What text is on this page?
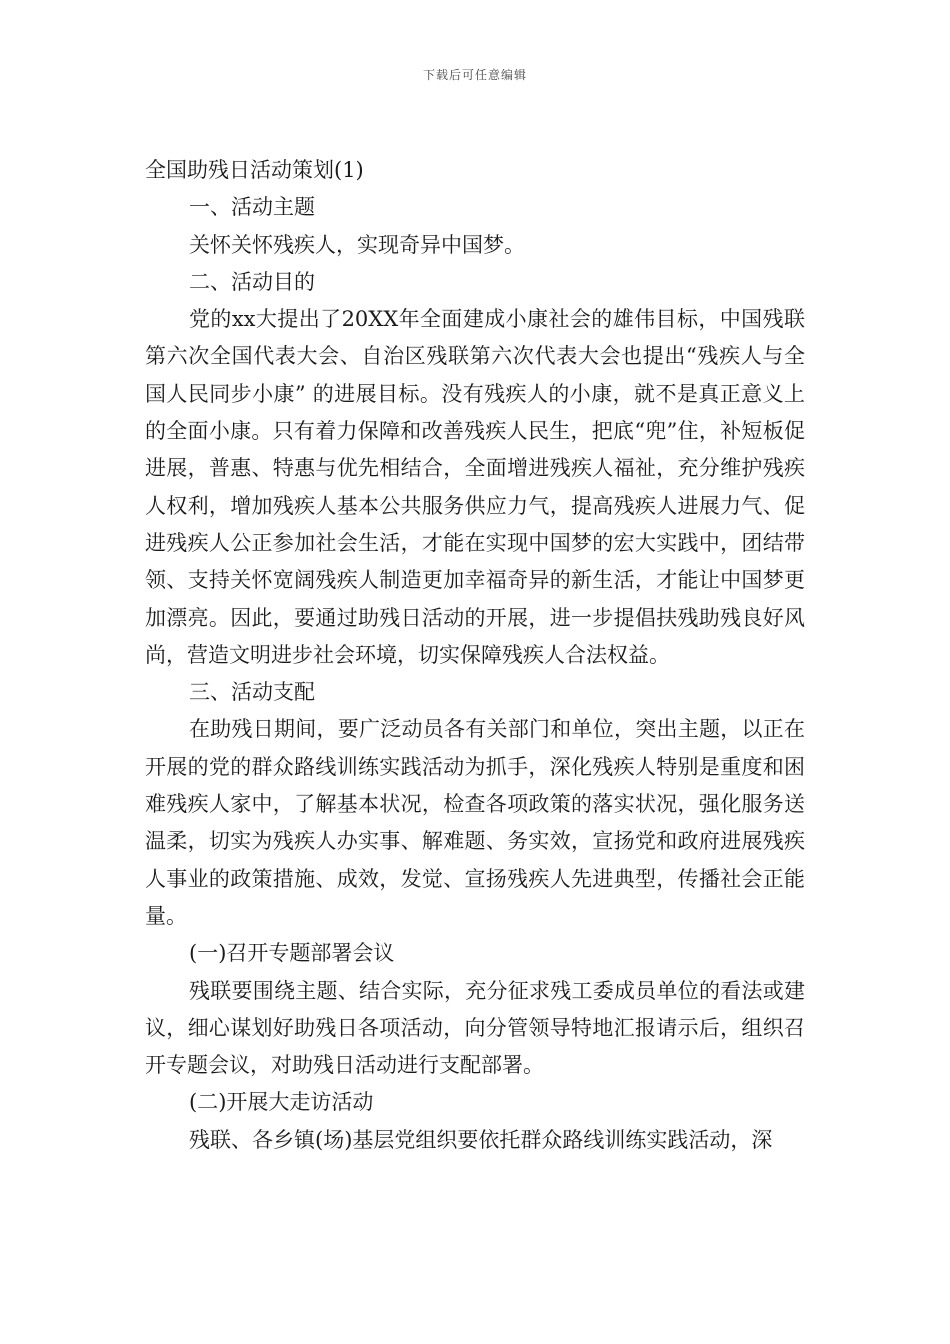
下载后可任意编辑

全国助残日活动策划(1)

一、活动主题

关怀关怀残疾人，实现奇异中国梦。

二、活动目的

党的xx大提出了20XX年全面建成小康社会的雄伟目标，中国残联第六次全国代表大会、自治区残联第六次代表大会也提出“残疾人与全国人民同步小康” 的进展目标。没有残疾人的小康，就不是真正意义上的全面小康。只有着力保障和改善残疾人民生，把底“兜”住，补短板促进展，普惠、特惠与优先相结合，全面增进残疾人福祉，充分维护残疾人权利，增加残疾人基本公共服务供应力气，提高残疾人进展力气、促进残疾人公正参加社会生活，才能在实现中国梦的宏大实践中，团结带领、支持关怀宽阔残疾人制造更加幸福奇异的新生活，才能让中国梦更加漂亮。因此，要通过助残日活动的开展，进一步提倡扶残助残良好风尚，营造文明进步社会环境，切实保障残疾人合法权益。

三、活动支配

在助残日期间，要广泛动员各有关部门和单位，突出主题，以正在开展的党的群众路线训练实践活动为抓手，深化残疾人特别是重度和困难残疾人家中，了解基本状况，检查各项政策的落实状况，强化服务送温柔，切实为残疾人办实事、解难题、务实效，宣扬党和政府进展残疾人事业的政策措施、成效，发觉、宣扬残疾人先进典型，传播社会正能量。

(一)召开专题部署会议

残联要围绕主题、结合实际，充分征求残工委成员单位的看法或建议，细心谋划好助残日各项活动，向分管领导特地汇报请示后，组织召开专题会议，对助残日活动进行支配部署。

(二)开展大走访活动

残联、各乡镇(场)基层党组织要依托群众路线训练实践活动，深
